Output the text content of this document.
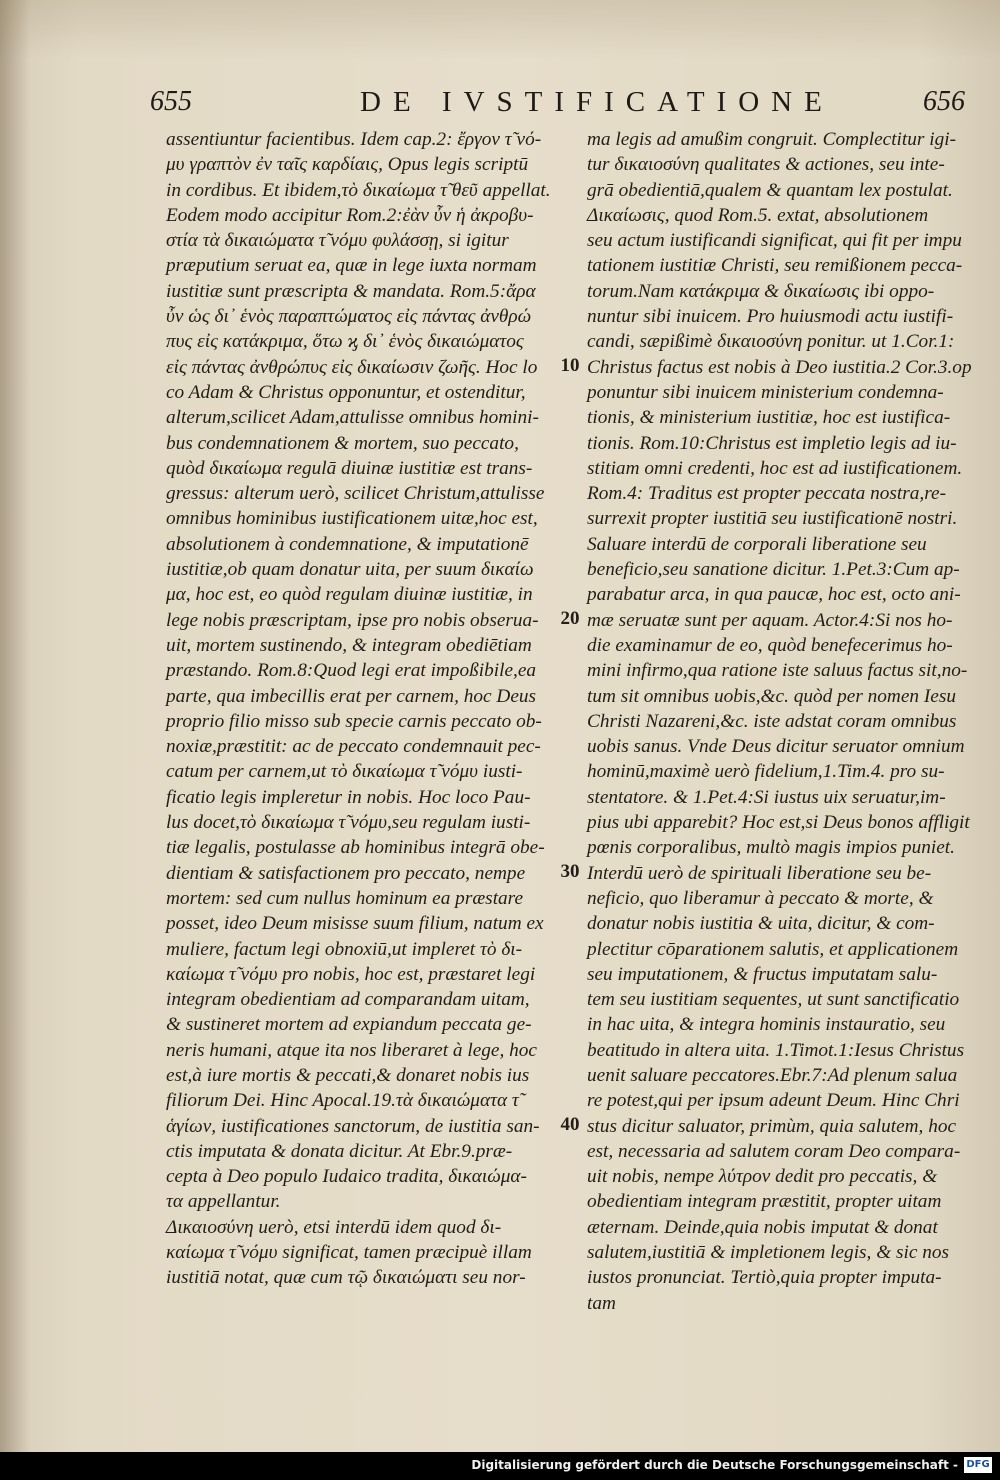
655	DE IVSTIFICATIONE	656
assentiuntur facientibus. Idem cap.2: ἔργον τ̃ νό-
μυ γραπτὸν ἐν ταῖς καρδίαις, Opus legis scriptū
in cordibus. Et ibidem,τὸ δικαίωμα τ̃ θεῦ appellat.
Eodem modo accipitur Rom.2:ἐὰν ὖν ἡ ἀκροβυ-
στία τὰ δικαιώματα τ̃ νόμυ φυλάσσῃ, si igitur
præputium seruat ea, quæ in lege iuxta normam
iustitiæ sunt præscripta & mandata. Rom.5:ἄρα
ὖν ὡς δι᾽ ἑνὸς παραπτώματος εἰς πάντας ἀνθρώ
πυς εἰς κατάκριμα, ὅτω ϗ δι᾽ ἑνὸς δικαιώματος
εἰς πάντας ἀνθρώπυς εἰς δικαίωσιν ζωῆς. Hoc lo
co Adam & Christus opponuntur, et ostenditur,
alterum,scilicet Adam,attulisse omnibus homini-
bus condemnationem & mortem, suo peccato,
quòd δικαίωμα regulā diuinæ iustitiæ est trans-
gressus: alterum uerò, scilicet Christum,attulisse
omnibus hominibus iustificationem uitæ,hoc est,
absolutionem à condemnatione, & imputationē
iustitiæ,ob quam donatur uita, per suum δικαίω
μα, hoc est, eo quòd regulam diuinæ iustitiæ, in
lege nobis præscriptam, ipse pro nobis obserua-
uit, mortem sustinendo, & integram obediētiam
præstando. Rom.8:Quod legi erat impoßibile,ea
parte, qua imbecillis erat per carnem, hoc Deus
proprio filio misso sub specie carnis peccato ob-
noxiæ,præstitit: ac de peccato condemnauit pec-
catum per carnem,ut τὸ δικαίωμα τ̃ νόμυ iusti-
ficatio legis impleretur in nobis. Hoc loco Pau-
lus docet,τὸ δικαίωμα τ̃ νόμυ,seu regulam iusti-
tiæ legalis, postulasse ab hominibus integrā obe-
dientiam & satisfactionem pro peccato, nempe
mortem: sed cum nullus hominum ea præstare
posset, ideo Deum misisse suum filium, natum ex
muliere, factum legi obnoxiū,ut impleret τὸ δι-
καίωμα τ̃ νόμυ pro nobis, hoc est, præstaret legi
integram obedientiam ad comparandam uitam,
& sustineret mortem ad expiandum peccata ge-
neris humani, atque ita nos liberaret à lege, hoc
est,à iure mortis & peccati,& donaret nobis ius
filiorum Dei. Hinc Apocal.19.τὰ δικαιώματα τ̃
ἁγίων, iustificationes sanctorum, de iustitia san-
ctis imputata & donata dicitur. At Ebr.9.præ-
cepta à Deo populo Iudaico tradita, δικαιώμα-
τα appellantur.
Δικαιοσύνη uerò, etsi interdū idem quod δι-
καίωμα τ̃ νόμυ significat, tamen præcipuè illam
iustitiā notat, quæ cum τῷ δικαιώματι seu nor-
ma legis ad amußim congruit. Complectitur igi-
tur δικαιοσύνη qualitates & actiones, seu inte-
grā obedientiā,qualem & quantam lex postulat.
Δικαίωσις, quod Rom.5. extat, absolutionem
seu actum iustificandi significat, qui fit per impu
tationem iustitiæ Christi, seu remißionem pecca-
torum.Nam κατάκριμα & δικαίωσις ibi oppo-
nuntur sibi inuicem. Pro huiusmodi actu iustifi-
candi, sæpißimè δικαιοσύνη ponitur. ut 1.Cor.1:
Christus factus est nobis à Deo iustitia.2 Cor.3.op
ponuntur sibi inuicem ministerium condemna-
tionis, & ministerium iustitiæ, hoc est iustifica-
tionis. Rom.10:Christus est impletio legis ad iu-
stitiam omni credenti, hoc est ad iustificationem.
Rom.4: Traditus est propter peccata nostra,re-
surrexit propter iustitiā seu iustificationē nostri.
Saluare interdū de corporali liberatione seu
beneficio,seu sanatione dicitur. 1.Pet.3:Cum ap-
parabatur arca, in qua paucæ, hoc est, octo ani-
mæ seruatæ sunt per aquam. Actor.4:Si nos ho-
die examinamur de eo, quòd benefecerimus ho-
mini infirmo,qua ratione iste saluus factus sit,no-
tum sit omnibus uobis,&c. quòd per nomen Iesu
Christi Nazareni,&c. iste adstat coram omnibus
uobis sanus. Vnde Deus dicitur seruator omnium
hominū,maximè uerò fidelium,1.Tim.4. pro su-
stentatore. & 1.Pet.4:Si iustus uix seruatur,im-
pius ubi apparebit? Hoc est,si Deus bonos affligit
pœnis corporalibus, multò magis impios puniet.
Interdū uerò de spirituali liberatione seu be-
neficio, quo liberamur à peccato & morte, &
donatur nobis iustitia & uita, dicitur, & com-
plectitur cōparationem salutis, et applicationem
seu imputationem, & fructus imputatam salu-
tem seu iustitiam sequentes, ut sunt sanctificatio
in hac uita, & integra hominis instauratio, seu
beatitudo in altera uita. 1.Timot.1:Iesus Christus
uenit saluare peccatores.Ebr.7:Ad plenum salua
re potest,qui per ipsum adeunt Deum. Hinc Chri
stus dicitur saluator, primùm, quia salutem, hoc
est, necessaria ad salutem coram Deo compara-
uit nobis, nempe λύτρον dedit pro peccatis, &
obedientiam integram præstitit, propter uitam
æternam. Deinde,quia nobis imputat & donat
salutem,iustitiā & impletionem legis, & sic nos
iustos pronunciat. Tertiò,quia propter imputa-
tam
10
20
30
40
Digitalisierung gefördert durch die Deutsche Forschungsgemeinschaft - DFG
